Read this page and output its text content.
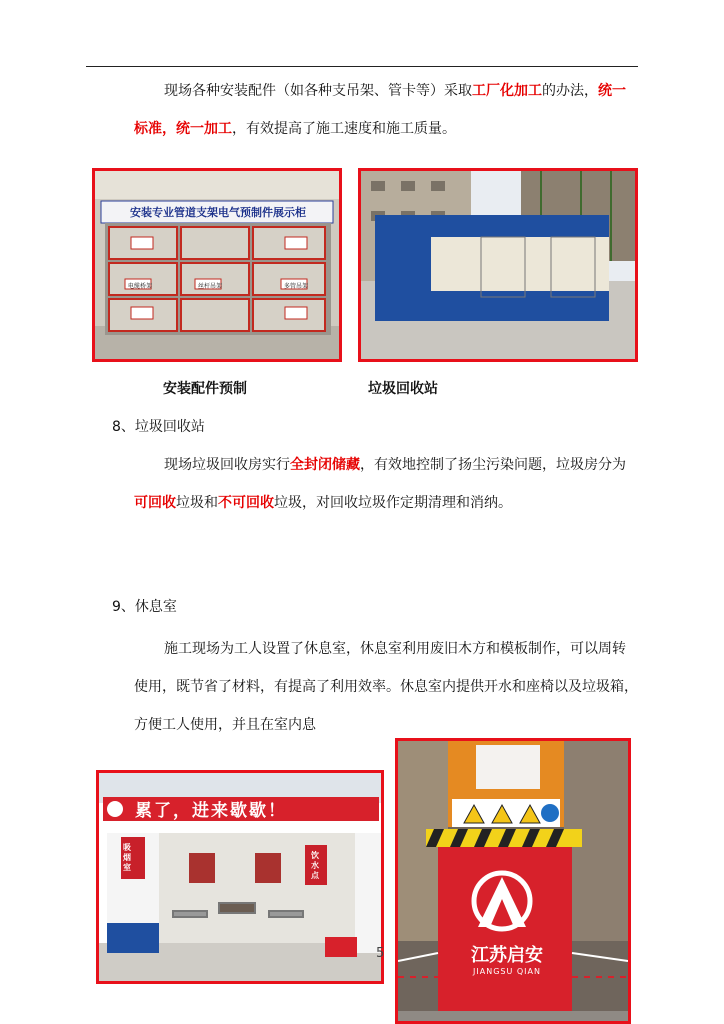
现场各种安装配件（如各种支吊架、管卡等）采取工厂化加工的办法，统一标准，统一加工，有效提高了施工速度和施工质量。
安装专业管道支架电气预制件展示柜
电缆桥架	丝杆吊架	多管吊架
安装配件预制	垃圾回收站
8、垃圾回收站
现场垃圾回收房实行全封闭储藏，有效地控制了扬尘污染问题，垃圾房分为可回收垃圾和不可回收垃圾，对回收垃圾作定期清理和消纳。
9、休息室
施工现场为工人设置了休息室，休息室利用废旧木方和模板制作，可以周转使用，既节省了材料，有提高了利用效率。休息室内提供开水和座椅以及垃圾箱，方便工人使用，并且在室内息
累了，进来歇歇！
吸烟室
饮水点
5	江苏启安
JIANGSU QIAN
